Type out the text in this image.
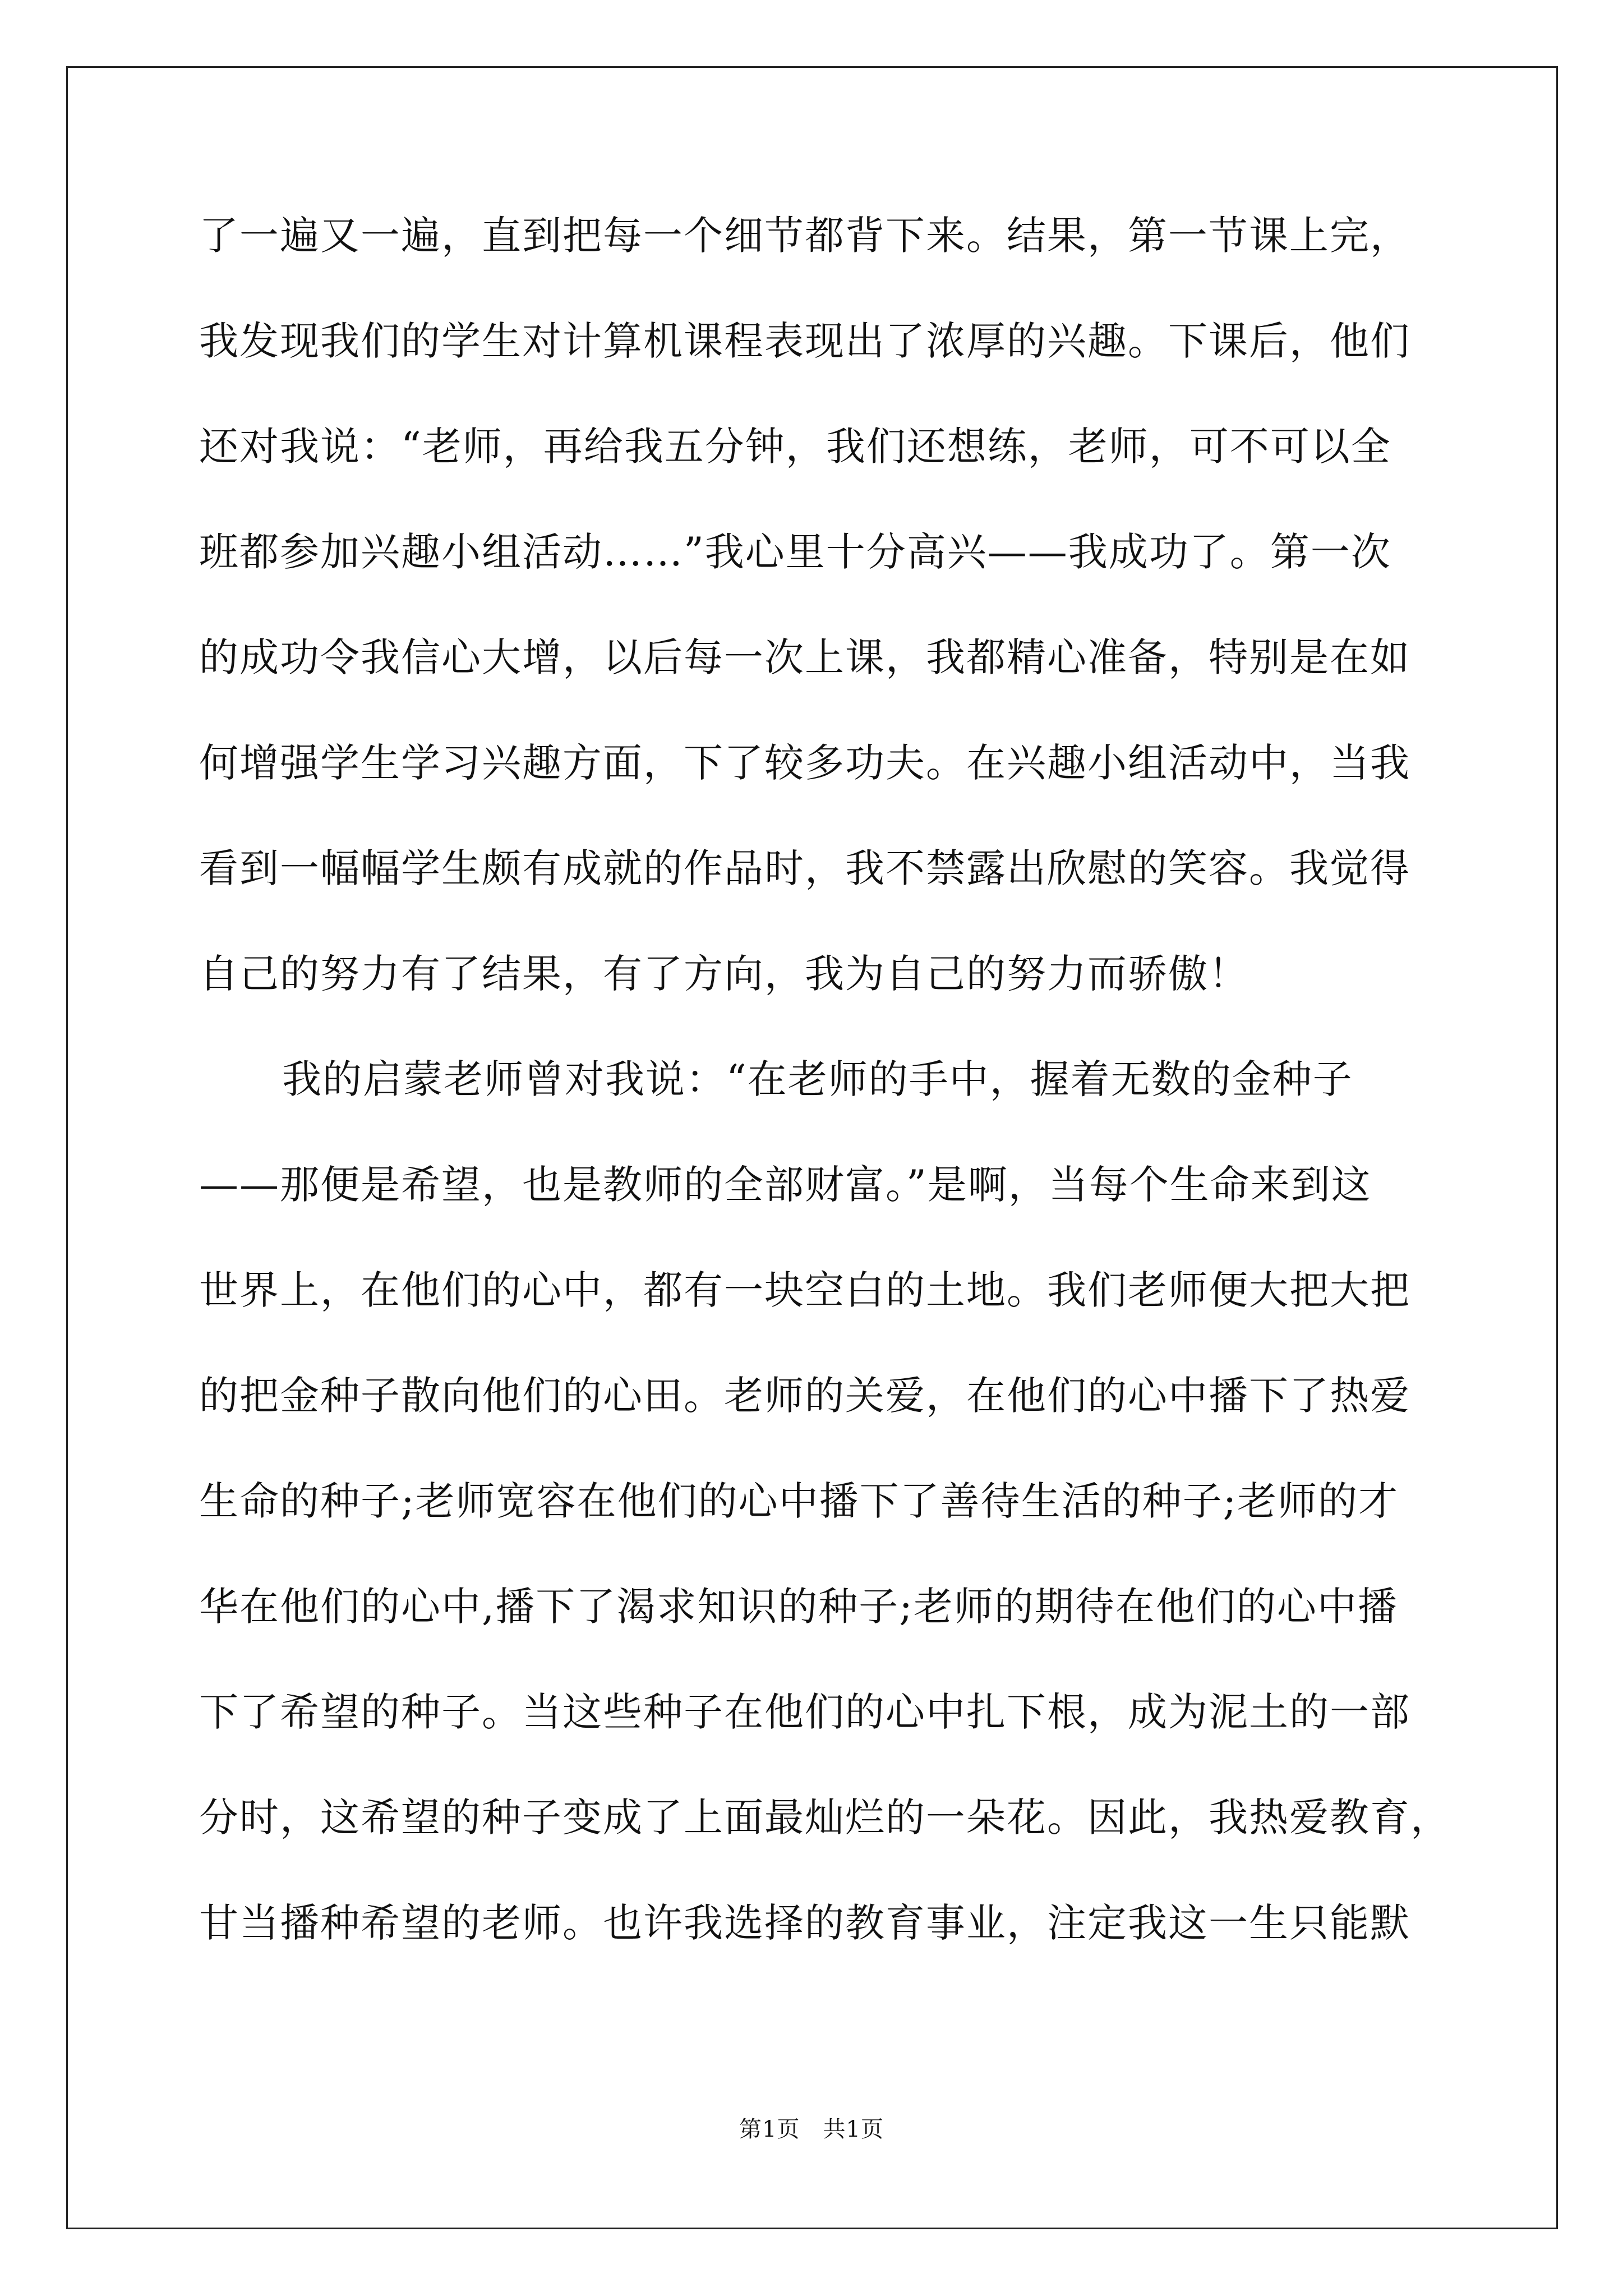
了一遍又一遍，直到把每一个细节都背下来。结果，第一节课上完，
我发现我们的学生对计算机课程表现出了浓厚的兴趣。下课后，他们
还对我说：“老师，再给我五分钟，我们还想练，老师，可不可以全
班都参加兴趣小组活动……”我心里十分高兴——我成功了。第一次
的成功令我信心大增，以后每一次上课，我都精心准备，特别是在如
何增强学生学习兴趣方面，下了较多功夫。在兴趣小组活动中，当我
看到一幅幅学生颇有成就的作品时，我不禁露出欣慰的笑容。我觉得
自己的努力有了结果，有了方向，我为自己的努力而骄傲！
我的启蒙老师曾对我说：“在老师的手中，握着无数的金种子
——那便是希望，也是教师的全部财富。”是啊，当每个生命来到这
世界上，在他们的心中，都有一块空白的土地。我们老师便大把大把
的把金种子散向他们的心田。老师的关爱，在他们的心中播下了热爱
生命的种子;老师宽容在他们的心中播下了善待生活的种子;老师的才
华在他们的心中,播下了渴求知识的种子;老师的期待在他们的心中播
下了希望的种子。当这些种子在他们的心中扎下根，成为泥土的一部
分时，这希望的种子变成了上面最灿烂的一朵花。因此，我热爱教育，
甘当播种希望的老师。也许我选择的教育事业，注定我这一生只能默
第1页　共1页
